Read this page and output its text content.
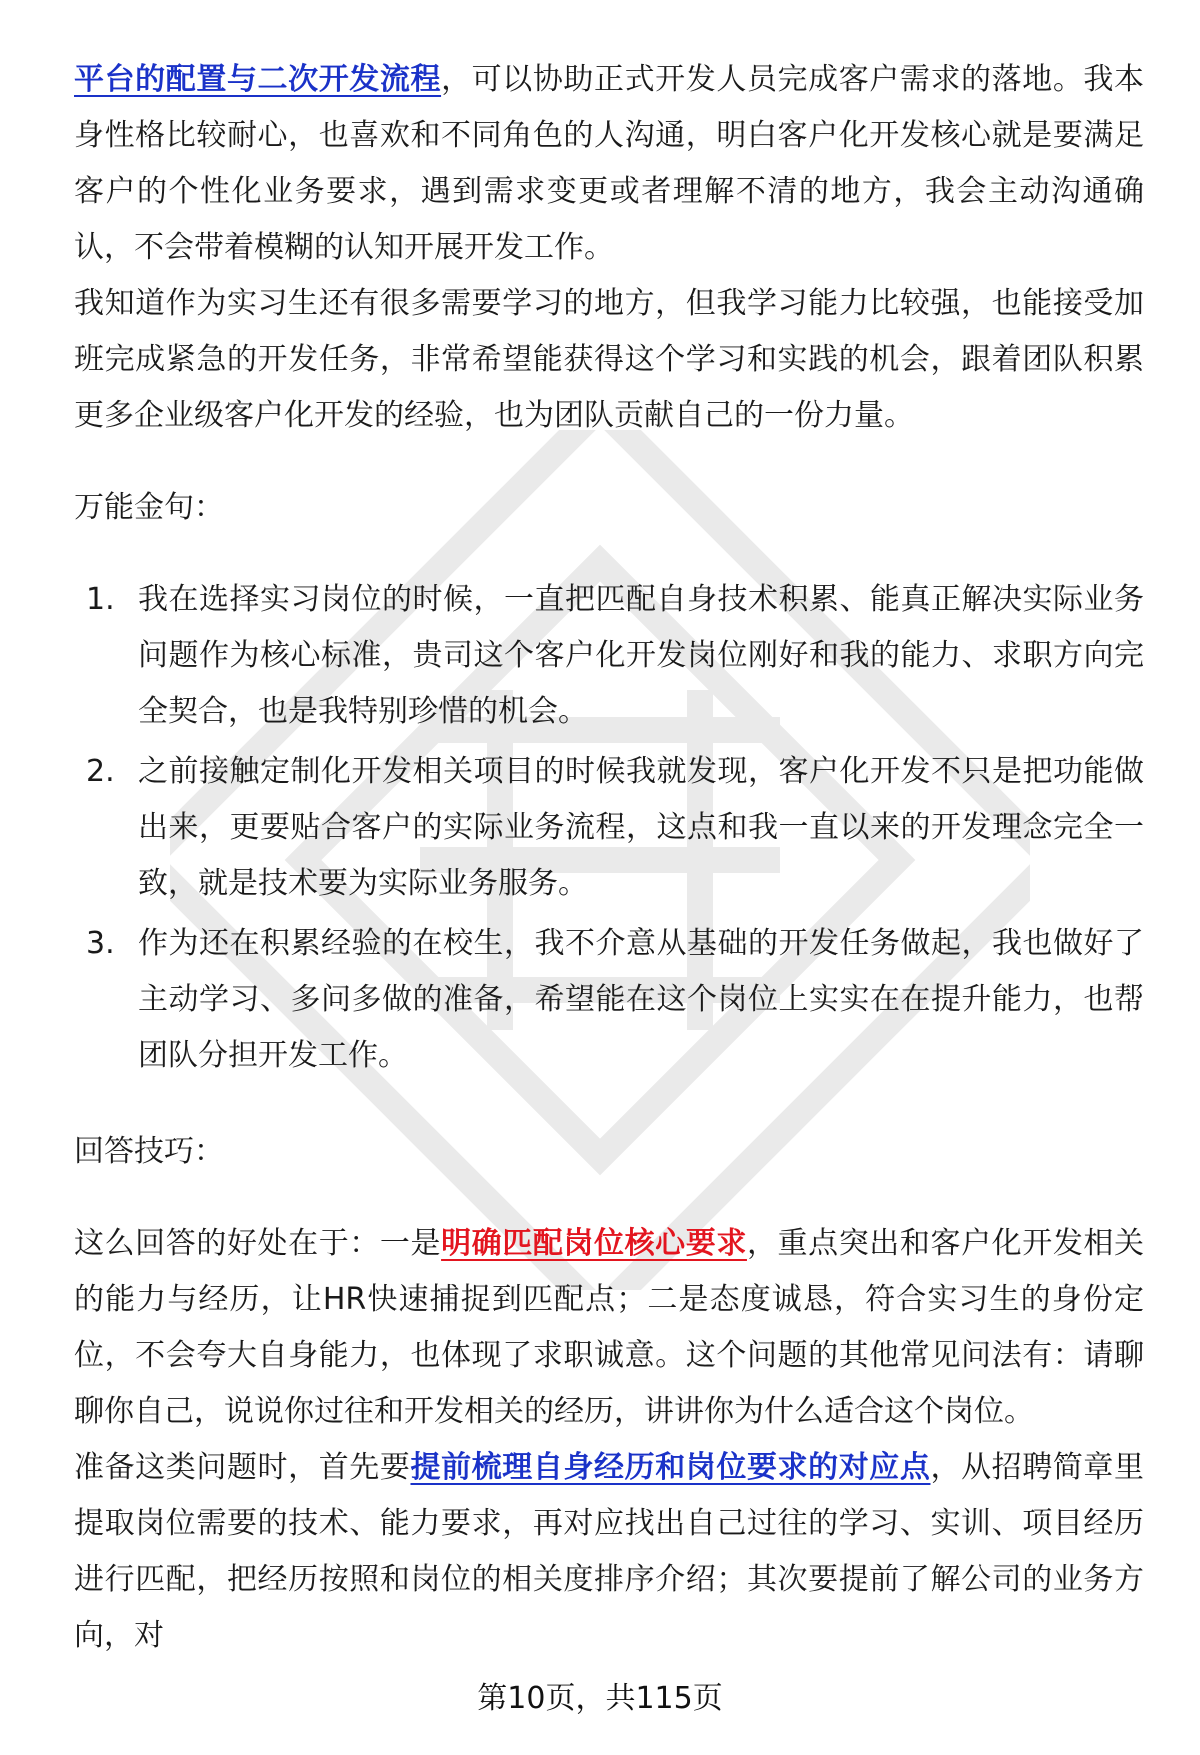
平台的配置与二次开发流程，可以协助正式开发人员完成客户需求的落地。我本身性格比较耐心，也喜欢和不同角色的人沟通，明白客户化开发核心就是要满足客户的个性化业务要求，遇到需求变更或者理解不清的地方，我会主动沟通确认，不会带着模糊的认知开展开发工作。

我知道作为实习生还有很多需要学习的地方，但我学习能力比较强，也能接受加班完成紧急的开发任务，非常希望能获得这个学习和实践的机会，跟着团队积累更多企业级客户化开发的经验，也为团队贡献自己的一份力量。

万能金句：

1. 我在选择实习岗位的时候，一直把匹配自身技术积累、能真正解决实际业务问题作为核心标准，贵司这个客户化开发岗位刚好和我的能力、求职方向完全契合，也是我特别珍惜的机会。
2. 之前接触定制化开发相关项目的时候我就发现，客户化开发不只是把功能做出来，更要贴合客户的实际业务流程，这点和我一直以来的开发理念完全一致，就是技术要为实际业务服务。
3. 作为还在积累经验的在校生，我不介意从基础的开发任务做起，我也做好了主动学习、多问多做的准备，希望能在这个岗位上实实在在提升能力，也帮团队分担开发工作。

回答技巧：

这么回答的好处在于：一是明确匹配岗位核心要求，重点突出和客户化开发相关的能力与经历，让HR快速捕捉到匹配点；二是态度诚恳，符合实习生的身份定位，不会夸大自身能力，也体现了求职诚意。这个问题的其他常见问法有：请聊聊你自己，说说你过往和开发相关的经历，讲讲你为什么适合这个岗位。

准备这类问题时，首先要提前梳理自身经历和岗位要求的对应点，从招聘简章里提取岗位需要的技术、能力要求，再对应找出自己过往的学习、实训、项目经历进行匹配，把经历按照和岗位的相关度排序介绍；其次要提前了解公司的业务方向，对

第10页，共115页
